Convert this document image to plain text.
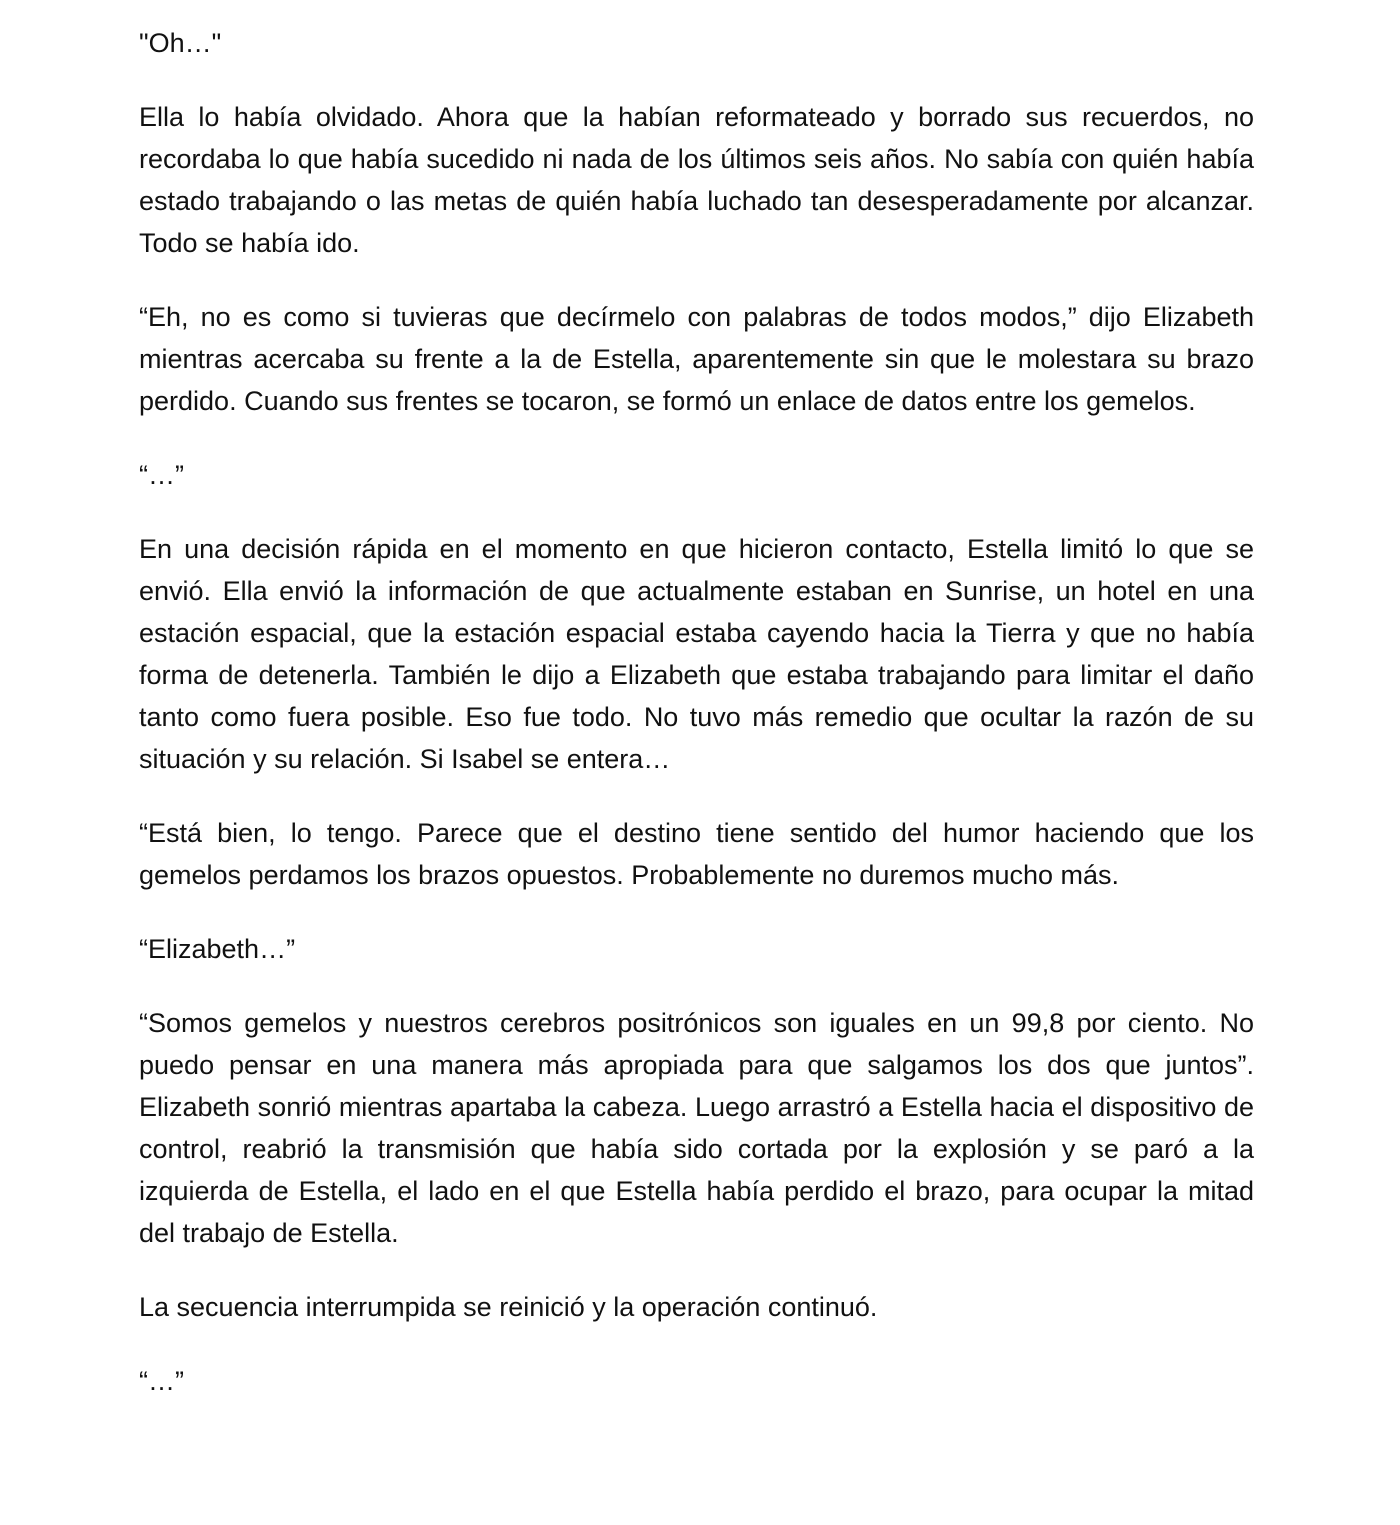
"Oh…"

Ella lo había olvidado. Ahora que la habían reformateado y borrado sus recuerdos, no recordaba lo que había sucedido ni nada de los últimos seis años. No sabía con quién había estado trabajando o las metas de quién había luchado tan desesperadamente por alcanzar. Todo se había ido.

“Eh, no es como si tuvieras que decírmelo con palabras de todos modos,” dijo Elizabeth mientras acercaba su frente a la de Estella, aparentemente sin que le molestara su brazo perdido. Cuando sus frentes se tocaron, se formó un enlace de datos entre los gemelos.

“…”

En una decisión rápida en el momento en que hicieron contacto, Estella limitó lo que se envió. Ella envió la información de que actualmente estaban en Sunrise, un hotel en una estación espacial, que la estación espacial estaba cayendo hacia la Tierra y que no había forma de detenerla. También le dijo a Elizabeth que estaba trabajando para limitar el daño tanto como fuera posible. Eso fue todo. No tuvo más remedio que ocultar la razón de su situación y su relación. Si Isabel se entera…

“Está bien, lo tengo. Parece que el destino tiene sentido del humor haciendo que los gemelos perdamos los brazos opuestos. Probablemente no duremos mucho más.

“Elizabeth…”

“Somos gemelos y nuestros cerebros positrónicos son iguales en un 99,8 por ciento. No puedo pensar en una manera más apropiada para que salgamos los dos que juntos”. Elizabeth sonrió mientras apartaba la cabeza. Luego arrastró a Estella hacia el dispositivo de control, reabrió la transmisión que había sido cortada por la explosión y se paró a la izquierda de Estella, el lado en el que Estella había perdido el brazo, para ocupar la mitad del trabajo de Estella.

La secuencia interrumpida se reinició y la operación continuó.

“…”
